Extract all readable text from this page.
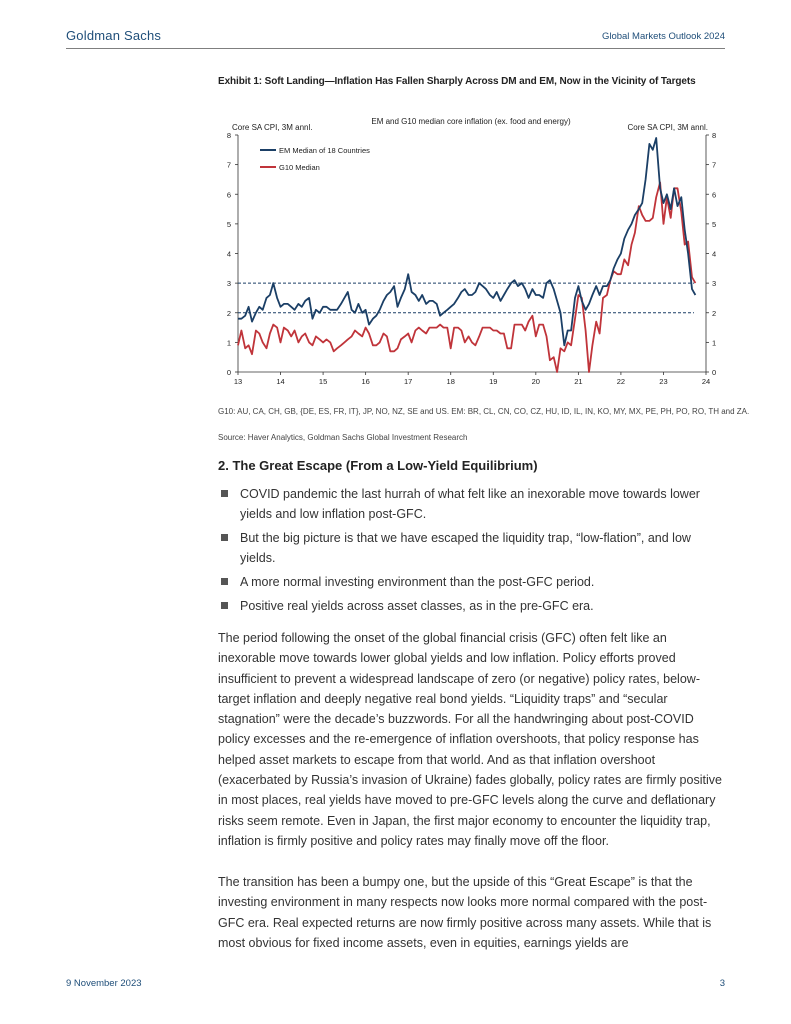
Goldman Sachs	Global Markets Outlook 2024
Exhibit 1: Soft Landing—Inflation Has Fallen Sharply Across DM and EM, Now in the Vicinity of Targets
EM and G10 median core inflation (ex. food and energy)
Core SA CPI, 3M annl.	Core SA CPI, 3M annl.
0	0
1	1
2	2
3	3
4	4
5	5
6	6
7	7
8	8
13	14	15	16	17	18	19	20	21	22	23	24
EM Median of 18 Countries
G10 Median
G10: AU, CA, CH, GB, {DE, ES, FR, IT}, JP, NO, NZ, SE and US. EM: BR, CL, CN, CO, CZ, HU, ID, IL, IN, KO, MY, MX, PE, PH, PO, RO, TH and ZA.
Source: Haver Analytics, Goldman Sachs Global Investment Research
2. The Great Escape (From a Low-Yield Equilibrium)
COVID pandemic the last hurrah of what felt like an inexorable move towards lower yields and low inflation post-GFC.
But the big picture is that we have escaped the liquidity trap, “low-flation”, and low yields.
A more normal investing environment than the post-GFC period.
Positive real yields across asset classes, as in the pre-GFC era.

The period following the onset of the global financial crisis (GFC) often felt like an inexorable move towards lower global yields and low inflation. Policy efforts proved insufficient to prevent a widespread landscape of zero (or negative) policy rates, below-target inflation and deeply negative real bond yields. “Liquidity traps” and “secular stagnation” were the decade’s buzzwords. For all the handwringing about post-COVID policy excesses and the re-emergence of inflation overshoots, that policy response has helped asset markets to escape from that world. And as that inflation overshoot (exacerbated by Russia’s invasion of Ukraine) fades globally, policy rates are firmly positive in most places, real yields have moved to pre-GFC levels along the curve and deflationary risks seem remote. Even in Japan, the first major economy to encounter the liquidity trap, inflation is firmly positive and policy rates may finally move off the floor.

The transition has been a bumpy one, but the upside of this “Great Escape” is that the investing environment in many respects now looks more normal compared with the post-GFC era. Real expected returns are now firmly positive across many assets. While that is most obvious for fixed income assets, even in equities, earnings yields are

9 November 2023	3
